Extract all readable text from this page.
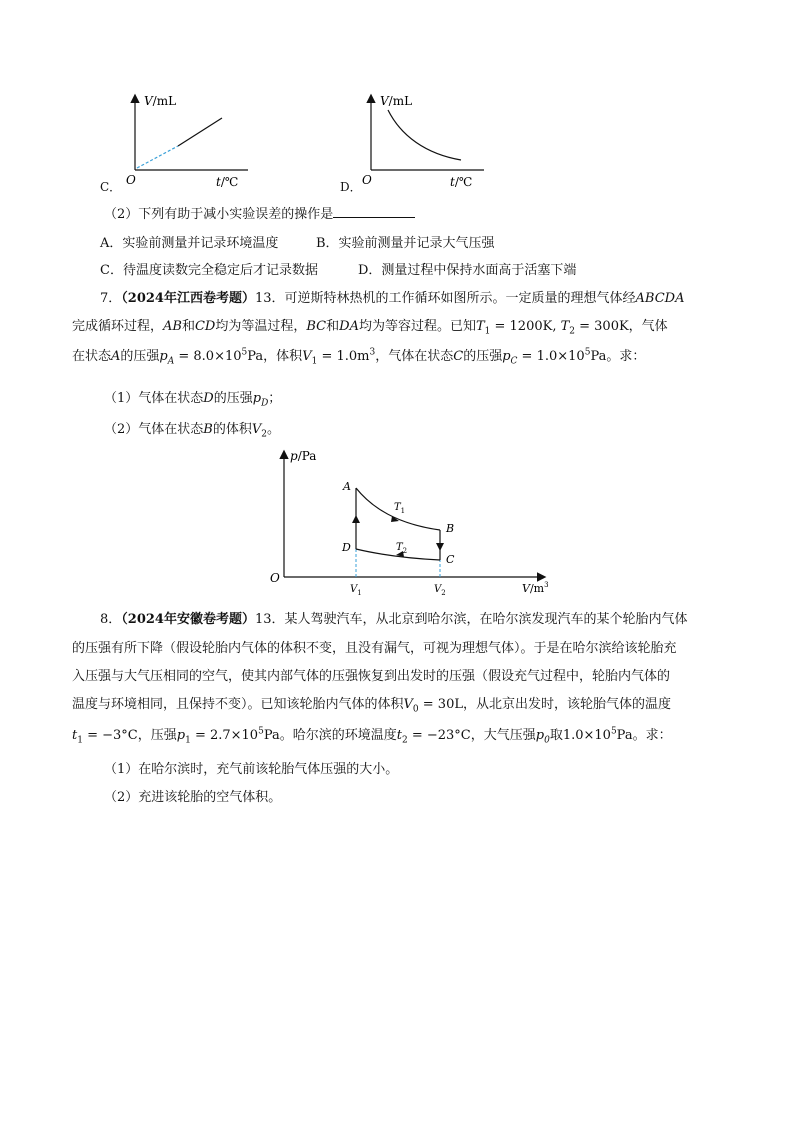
C．
V/mL
O	t/℃	D．
V/mL
O	t/℃
（2）下列有助于减小实验误差的操作是
A．实验前测量并记录环境温度	B．实验前测量并记录大气压强
C．待温度读数完全稳定后才记录数据	D．测量过程中保持水面高于活塞下端
7．（2024年江西卷考题）13．可逆斯特林热机的工作循环如图所示。一定质量的理想气体经ABCDA
完成循环过程，AB和CD均为等温过程，BC和DA均为等容过程。已知$T_1 = 1200K$, $T_2 = 300K$，气体
在状态A的压强$p_A = 8.0\times 10^5Pa$，体积$V_1 = 1.0m^3$，气体在状态C的压强$p_C = 1.0\times 10^5Pa$。求：
（1）气体在状态D的压强$p_D$；
（2）气体在状态B的体积$V_2$。
p/Pa
O
$V/m^3$
A
B
C
D
$T_1$
$T_2$
$V_1$	$V_2$
8．（2024年安徽卷考题）13．某人驾驶汽车，从北京到哈尔滨，在哈尔滨发现汽车的某个轮胎内气体
的压强有所下降（假设轮胎内气体的体积不变，且没有漏气，可视为理想气体）。于是在哈尔滨给该轮胎充
入压强与大气压相同的空气，使其内部气体的压强恢复到出发时的压强（假设充气过程中，轮胎内气体的
温度与环境相同，且保持不变）。已知该轮胎内气体的体积$V_0 = 30L$，从北京出发时，该轮胎气体的温度
$t_1 = -3^\circ C$，压强$p_1 = 2.7\times 10^5Pa$。哈尔滨的环境温度$t_2 = -23^\circ C$，大气压强$p_0$取$1.0\times 10^5Pa$。求：
（1）在哈尔滨时，充气前该轮胎气体压强的大小。
（2）充进该轮胎的空气体积。
